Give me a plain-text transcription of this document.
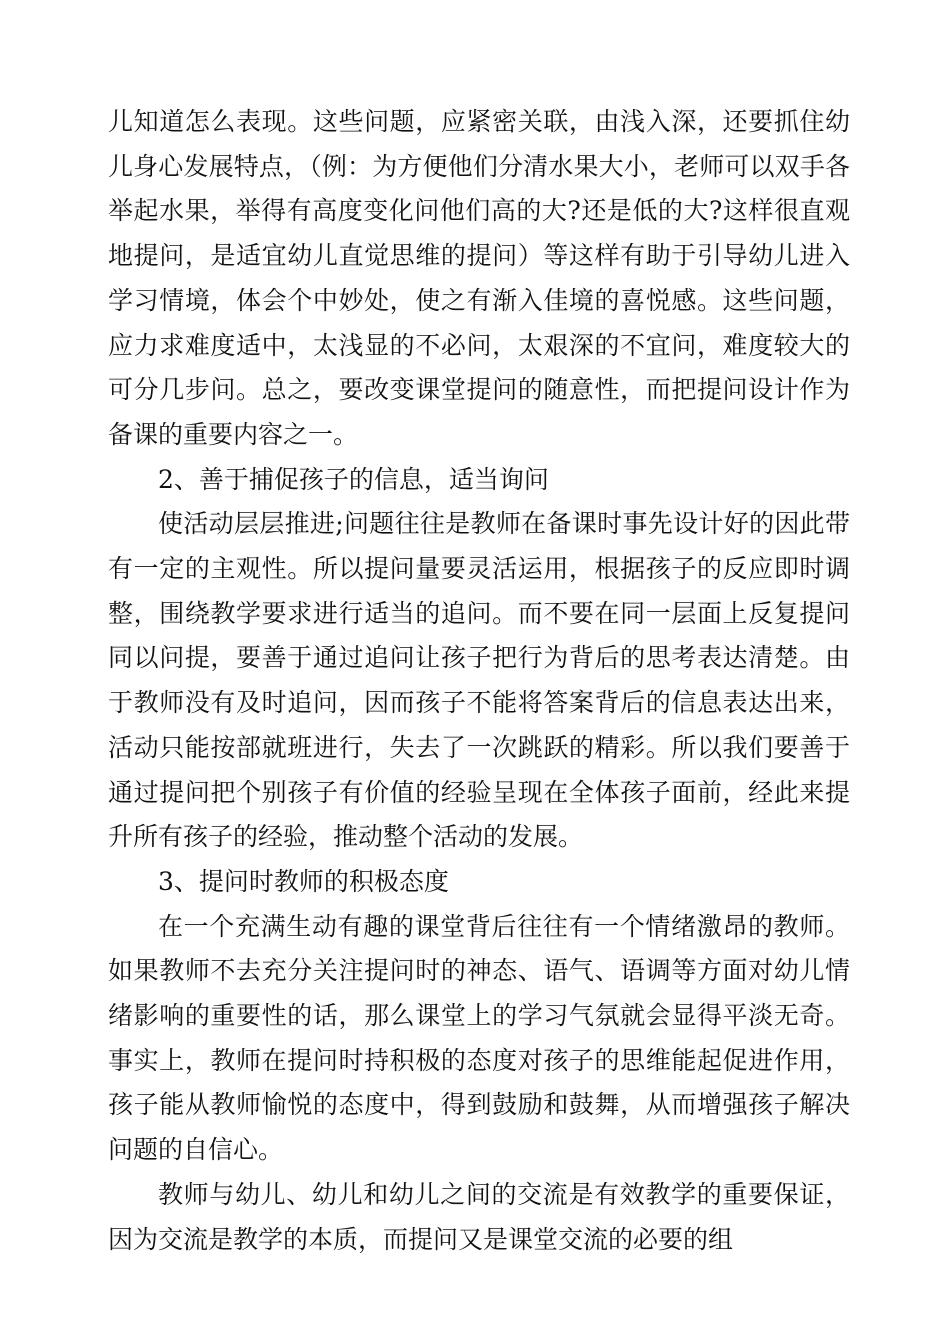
儿知道怎么表现。这些问题，应紧密关联，由浅入深，还要抓住幼儿身心发展特点，（例：为方便他们分清水果大小，老师可以双手各举起水果，举得有高度变化问他们高的大?还是低的大?这样很直观地提问，是适宜幼儿直觉思维的提问）等这样有助于引导幼儿进入学习情境，体会个中妙处，使之有渐入佳境的喜悦感。这些问题，应力求难度适中，太浅显的不必问，太艰深的不宜问，难度较大的可分几步问。总之，要改变课堂提问的随意性，而把提问设计作为备课的重要内容之一。

2、善于捕促孩子的信息，适当询问

使活动层层推进;问题往往是教师在备课时事先设计好的因此带有一定的主观性。所以提问量要灵活运用，根据孩子的反应即时调整，围绕教学要求进行适当的追问。而不要在同一层面上反复提问同以问提，要善于通过追问让孩子把行为背后的思考表达清楚。由于教师没有及时追问，因而孩子不能将答案背后的信息表达出来，活动只能按部就班进行，失去了一次跳跃的精彩。所以我们要善于通过提问把个别孩子有价值的经验呈现在全体孩子面前，经此来提升所有孩子的经验，推动整个活动的发展。

3、提问时教师的积极态度

在一个充满生动有趣的课堂背后往往有一个情绪激昂的教师。如果教师不去充分关注提问时的神态、语气、语调等方面对幼儿情绪影响的重要性的话，那么课堂上的学习气氛就会显得平淡无奇。事实上，教师在提问时持积极的态度对孩子的思维能起促进作用，孩子能从教师愉悦的态度中，得到鼓励和鼓舞，从而增强孩子解决问题的自信心。

教师与幼儿、幼儿和幼儿之间的交流是有效教学的重要保证，因为交流是教学的本质，而提问又是课堂交流的必要的组
